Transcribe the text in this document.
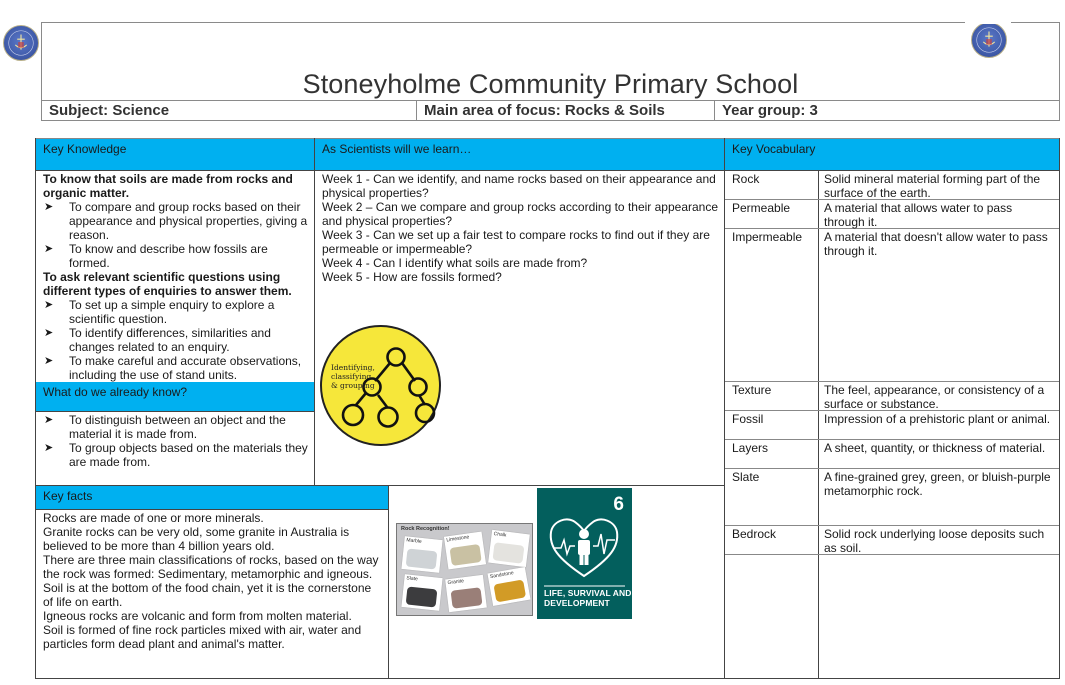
Stoneyholme Community Primary School
Subject: Science	Main area of focus: Rocks & Soils	Year group: 3
Key Knowledge
To know that soils are made from rocks and organic matter.
➤ To compare and group rocks based on their appearance and physical properties, giving a reason.
➤ To know and describe how fossils are formed.
To ask relevant scientific questions using different types of enquiries to answer them.
➤ To set up a simple enquiry to explore a scientific question.
➤ To identify differences, similarities and changes related to an enquiry.
➤ To make careful and accurate observations, including the use of stand units.
What do we already know?
➤ To distinguish between an object and the material it is made from.
➤ To group objects based on the materials they are made from.
As Scientists will we learn…
Week 1 - Can we identify, and name rocks based on their appearance and physical properties?
Week 2 – Can we compare and group rocks according to their appearance and physical properties?
Week 3 - Can we set up a fair test to compare rocks to find out if they are permeable or impermeable?
Week 4 - Can I identify what soils are made from?
Week 5 - How are fossils formed?
Identifying,
classifying
& grouping
Key Vocabulary
Rock	Solid mineral material forming part of the surface of the earth.
Permeable	A material that allows water to pass through it.
Impermeable A material that doesn't allow water to pass through it.
Texture	The feel, appearance, or consistency of a surface or substance.
Fossil	Impression of a prehistoric plant or animal.
Layers	A sheet, quantity, or thickness of material.
Slate	A fine-grained grey, green, or bluish-purple metamorphic rock.
Bedrock	Solid rock underlying loose deposits such as soil.
Key facts
Rocks are made of one or more minerals.
Granite rocks can be very old, some granite in Australia is believed to be more than 4 billion years old.
There are three main classifications of rocks, based on the way the rock was formed: Sedimentary, metamorphic and igneous.
Soil is at the bottom of the food chain, yet it is the cornerstone of life on earth.
Igneous rocks are volcanic and form from molten material.
Soil is formed of fine rock particles mixed with air, water and particles form dead plant and animal's matter.
Rock Recognition!
Marble	Limestone	Chalk
Slate	Granite
Sandstone
6
LIFE, SURVIVAL AND
DEVELOPMENT
